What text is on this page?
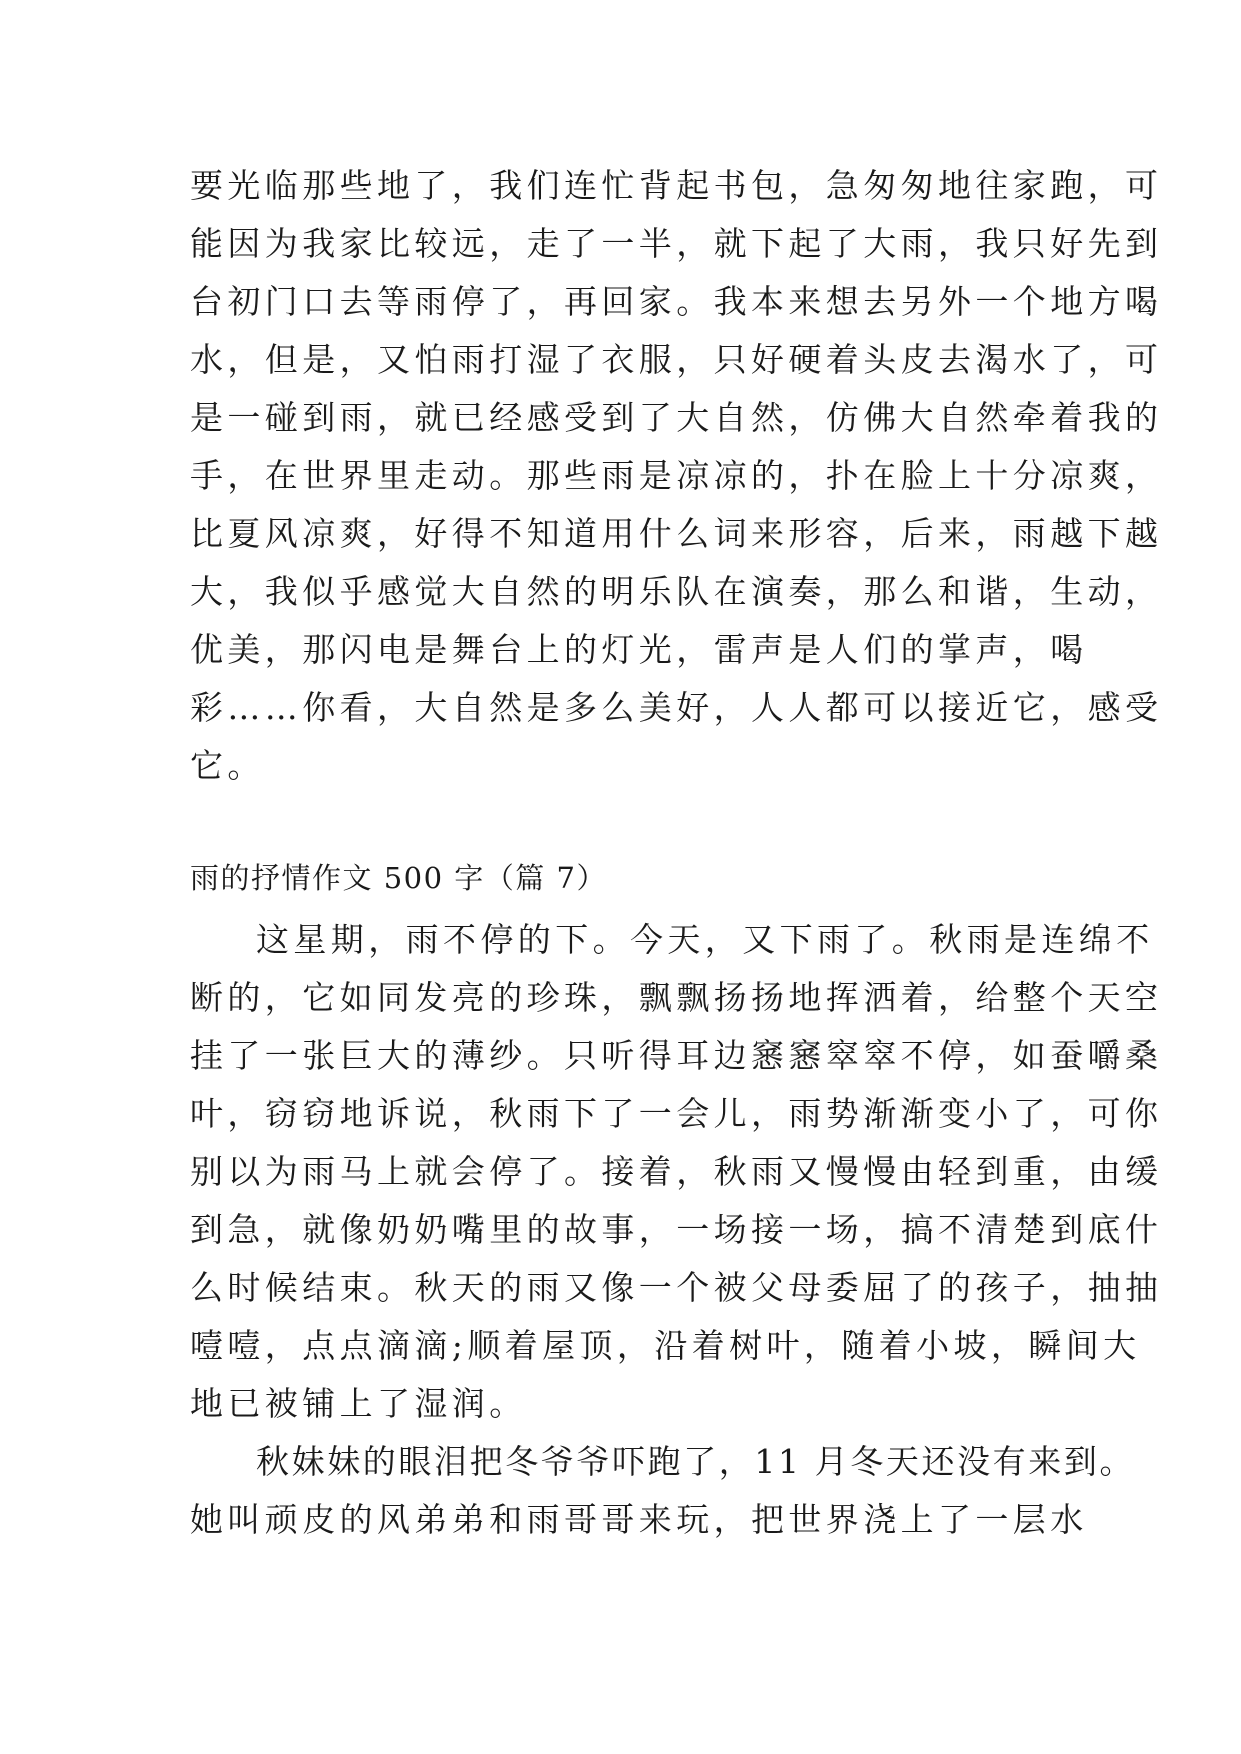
要光临那些地了，我们连忙背起书包，急匆匆地往家跑，可
能因为我家比较远，走了一半，就下起了大雨，我只好先到
台初门口去等雨停了，再回家。我本来想去另外一个地方喝
水，但是，又怕雨打湿了衣服，只好硬着头皮去渴水了，可
是一碰到雨，就已经感受到了大自然，仿佛大自然牵着我的
手，在世界里走动。那些雨是凉凉的，扑在脸上十分凉爽，
比夏风凉爽，好得不知道用什么词来形容，后来，雨越下越
大，我似乎感觉大自然的明乐队在演奏，那么和谐，生动，
优美，那闪电是舞台上的灯光，雷声是人们的掌声，喝
彩……你看，大自然是多么美好，人人都可以接近它，感受
它。
雨的抒情作文 500 字（篇 7）
这星期，雨不停的下。今天，又下雨了。秋雨是连绵不
断的，它如同发亮的珍珠，飘飘扬扬地挥洒着，给整个天空
挂了一张巨大的薄纱。只听得耳边窸窸窣窣不停，如蚕嚼桑
叶，窃窃地诉说，秋雨下了一会儿，雨势渐渐变小了，可你
别以为雨马上就会停了。接着，秋雨又慢慢由轻到重，由缓
到急，就像奶奶嘴里的故事，一场接一场，搞不清楚到底什
么时候结束。秋天的雨又像一个被父母委屈了的孩子，抽抽
噎噎，点点滴滴;顺着屋顶，沿着树叶，随着小坡，瞬间大
地已被铺上了湿润。
秋妹妹的眼泪把冬爷爷吓跑了，11 月冬天还没有来到。
她叫顽皮的风弟弟和雨哥哥来玩，把世界浇上了一层水
